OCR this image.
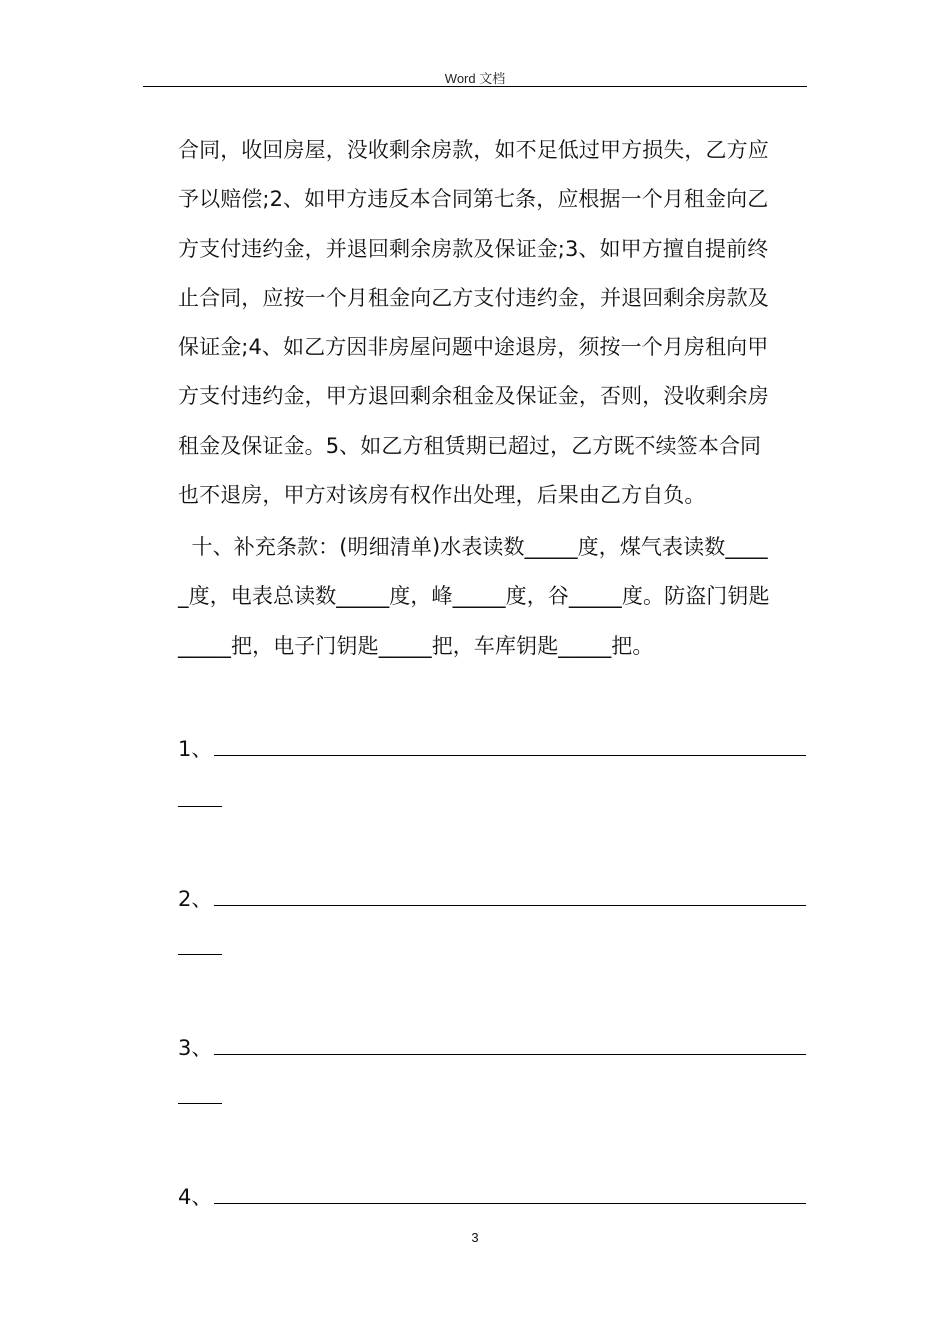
Word 文档
合同，收回房屋，没收剩余房款，如不足低过甲方损失，乙方应
予以赔偿;2、如甲方违反本合同第七条，应根据一个月租金向乙
方支付违约金，并退回剩余房款及保证金;3、如甲方擅自提前终
止合同，应按一个月租金向乙方支付违约金，并退回剩余房款及
保证金;4、如乙方因非房屋问题中途退房，须按一个月房租向甲
方支付违约金，甲方退回剩余租金及保证金，否则，没收剩余房
租金及保证金。5、如乙方租赁期已超过，乙方既不续签本合同
也不退房，甲方对该房有权作出处理，后果由乙方自负。
十、补充条款：(明细清单)水表读数_____度，煤气表读数____
_度，电表总读数_____度，峰_____度，谷_____度。防盗门钥匙
_____把，电子门钥匙_____把，车库钥匙_____把。
1、
2、
3、
4、
3
